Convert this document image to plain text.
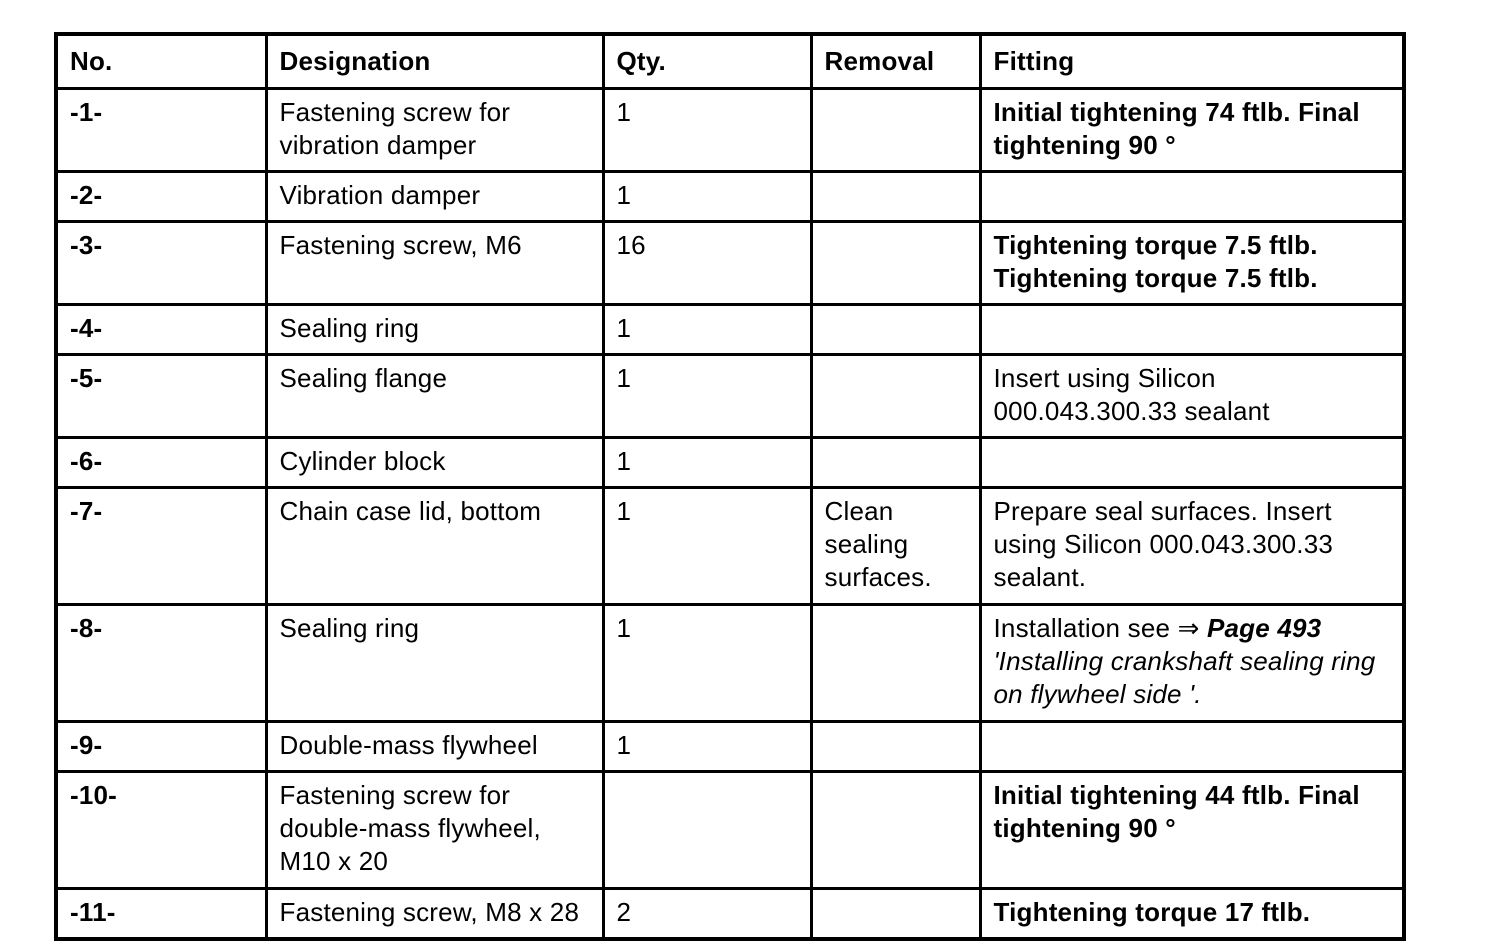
No.	Designation	Qty.	Removal	Fitting
-1-	Fastening screw for vibration damper	1		Initial tightening 74 ftlb. Final tightening 90 °
-2-	Vibration damper	1		
-3-	Fastening screw, M6	16		Tightening torque 7.5 ftlb. Tightening torque 7.5 ftlb.
-4-	Sealing ring	1		
-5-	Sealing flange	1		Insert using Silicon 000.043.300.33 sealant
-6-	Cylinder block	1		
-7-	Chain case lid, bottom	1	Clean sealing surfaces.	Prepare seal surfaces. Insert using Silicon 000.043.300.33 sealant.
-8-	Sealing ring	1		Installation see ⇒ Page 493
'Installing crankshaft sealing ring on flywheel side '.
-9-	Double-mass flywheel	1		
-10-	Fastening screw for double-mass flywheel, M10 x 20			Initial tightening 44 ftlb. Final tightening 90 °
-11-	Fastening screw, M8 x 28	2		Tightening torque 17 ftlb.
